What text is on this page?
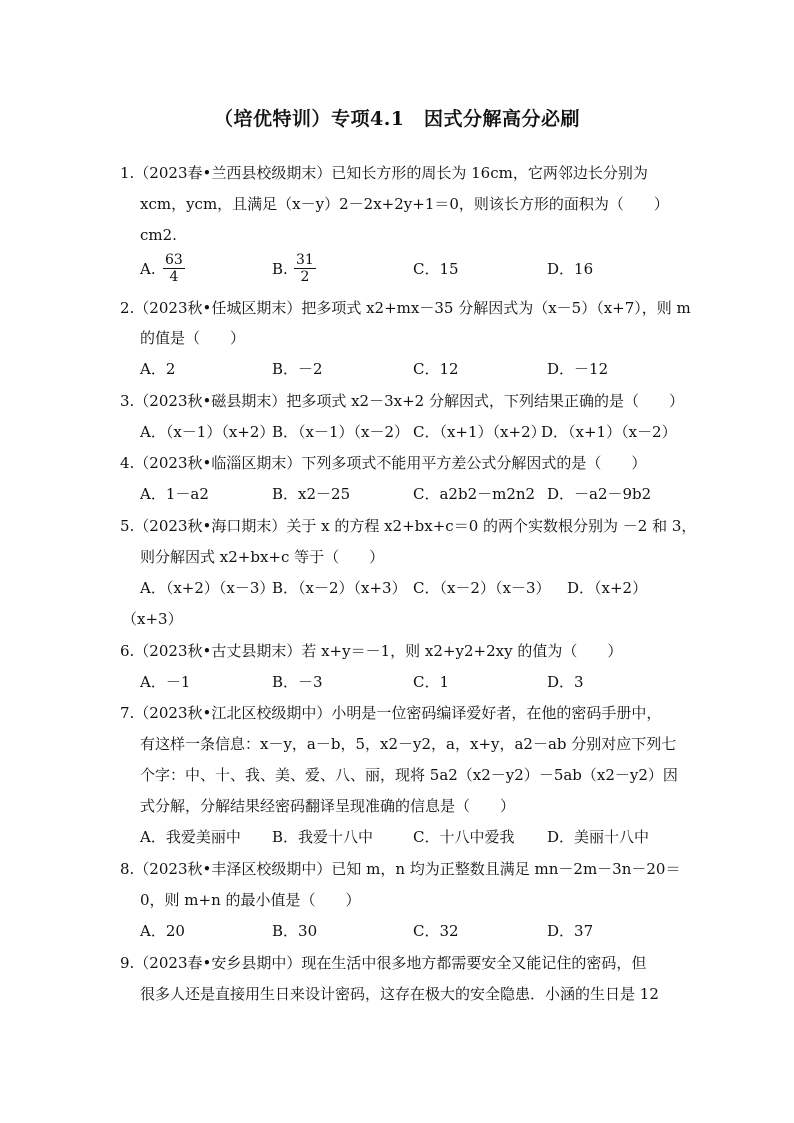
（培优特训）专项4.1　因式分解高分必刷
1.（2023春•兰西县校级期末）已知长方形的周长为 16cm，它两邻边长分别为
xcm，ycm，且满足（x－y）2－2x+2y+1＝0，则该长方形的面积为（　　）
cm2.
A. $\frac{63}{4}$	B. $\frac{31}{2}$	C．15	D．16
2.（2023秋•任城区期末）把多项式 x2+mx－35 分解因式为（x－5）（x+7），则 m
的值是（　　）
A．2	B．－2	C．12	D．－12
3.（2023秋•磁县期末）把多项式 x2－3x+2 分解因式，下列结果正确的是（　　）
A．（x－1）（x+2）
B．（x－1）（x－2） C．（x+1）（x+2）
D．（x+1）（x－2）
4.（2023秋•临淄区期末）下列多项式不能用平方差公式分解因式的是（　　）
A．1－a2	B．x2－25	C．a2b2－m2n2 D．－a2－9b2
5.（2023秋•海口期末）关于 x 的方程 x2+bx+c＝0 的两个实数根分别为 －2 和 3，
则分解因式 x2+bx+c 等于（　　）
A．（x+2）（x－3）
B．（x－2）（x+3） C．（x－2）（x－3） D．（x+2）
（x+3）
6.（2023秋•古丈县期末）若 x+y＝－1，则 x2+y2+2xy 的值为（　　）
A．－1	B．－3	C．1	D．3
7.（2023秋•江北区校级期中）小明是一位密码编译爱好者，在他的密码手册中，
有这样一条信息：x－y，a－b，5，x2－y2，a，x+y，a2－ab 分别对应下列七
个字：中、十、我、美、爱、八、丽，现将 5a2（x2－y2）－5ab（x2－y2）因
式分解，分解结果经密码翻译呈现准确的信息是（　　）
A．我爱美丽中 B．我爱十八中	C．十八中爱我 D．美丽十八中
8.（2023秋•丰泽区校级期中）已知 m，n 均为正整数且满足 mn－2m－3n－20＝
0，则 m+n 的最小值是（　　）
A．20	B．30	C．32	D．37
9.（2023春•安乡县期中）现在生活中很多地方都需要安全又能记住的密码，但
很多人还是直接用生日来设计密码，这存在极大的安全隐患．小涵的生日是 12
